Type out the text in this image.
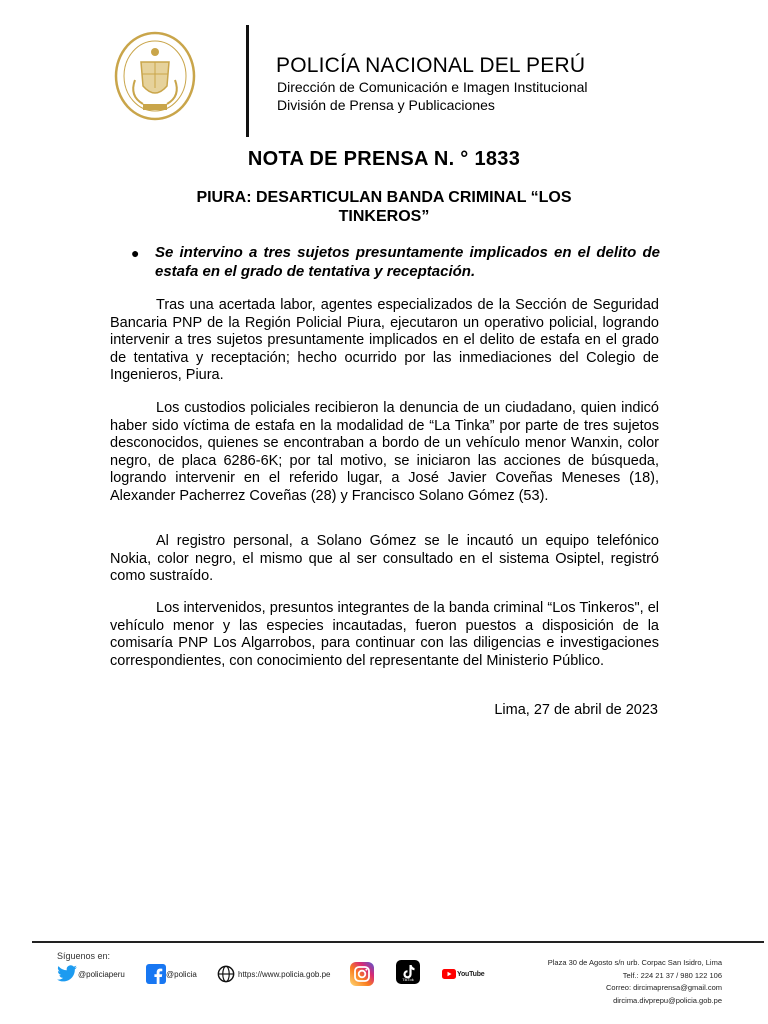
POLICÍA NACIONAL DEL PERÚ
Dirección de Comunicación e Imagen Institucional
División de Prensa y Publicaciones
NOTA DE PRENSA N. ° 1833
PIURA: DESARTICULAN BANDA CRIMINAL “LOS TINKEROS”
● Se intervino a tres sujetos presuntamente implicados en el delito de estafa en el grado de tentativa y receptación.
Tras una acertada labor, agentes especializados de la Sección de Seguridad Bancaria PNP de la Región Policial Piura, ejecutaron un operativo policial, logrando intervenir a tres sujetos presuntamente implicados en el delito de estafa en el grado de tentativa y receptación; hecho ocurrido por las inmediaciones del Colegio de Ingenieros, Piura.
Los custodios policiales recibieron la denuncia de un ciudadano, quien indicó haber sido víctima de estafa en la modalidad de “La Tinka” por parte de tres sujetos desconocidos, quienes se encontraban a bordo de un vehículo menor Wanxin, color negro, de placa 6286-6K; por tal motivo, se iniciaron las acciones de búsqueda, logrando intervenir en el referido lugar, a José Javier Coveñas Meneses (18), Alexander Pacherrez Coveñas (28) y Francisco Solano Gómez (53).
Al registro personal, a Solano Gómez se le incautó un equipo telefónico Nokia, color negro, el mismo que al ser consultado en el sistema Osiptel, registró como sustraído.
Los intervenidos, presuntos integrantes de la banda criminal “Los Tinkeros", el vehículo menor y las especies incautadas, fueron puestos a disposición de la comisaría PNP Los Algarrobos, para continuar con las diligencias e investigaciones correspondientes, con conocimiento del representante del Ministerio Público.
Lima, 27 de abril de 2023
Síguenos en:
@policiaperu	@policia	https://www.policia.gob.pe
TikTok
YouTube
Plaza 30 de Agosto s/n urb. Corpac San Isidro, Lima
Telf.: 224 21 37 / 980 122 106
Correo: dircimaprensa@gmail.com
dircima.divprepu@policia.gob.pe
